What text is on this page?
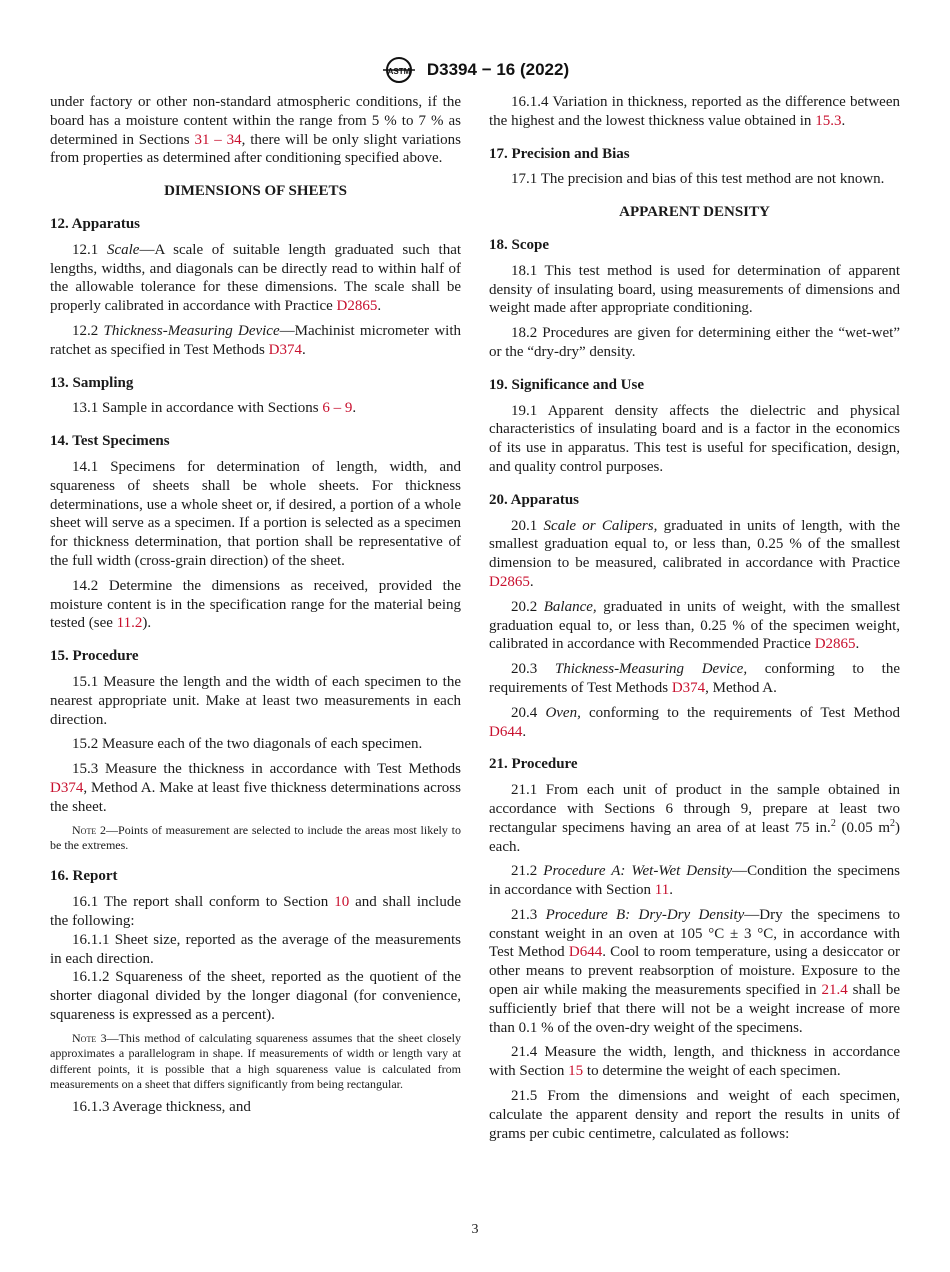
ASTM D3394 − 16 (2022)

under factory or other non-standard atmospheric conditions, if the board has a moisture content within the range from 5 % to 7 % as determined in Sections 31 – 34, there will be only slight variations from properties as determined after conditioning specified above.

DIMENSIONS OF SHEETS
12. Apparatus

12.1 Scale—A scale of suitable length graduated such that lengths, widths, and diagonals can be directly read to within half of the allowable tolerance for these dimensions. The scale shall be properly calibrated in accordance with Practice D2865.

12.2 Thickness-Measuring Device—Machinist micrometer with ratchet as specified in Test Methods D374.

13. Sampling

13.1 Sample in accordance with Sections 6 – 9.

14. Test Specimens

14.1 Specimens for determination of length, width, and squareness of sheets shall be whole sheets. For thickness determinations, use a whole sheet or, if desired, a portion of a whole sheet will serve as a specimen. If a portion is selected as a specimen for thickness determination, that portion shall be representative of the full width (cross-grain direction) of the sheet.

14.2 Determine the dimensions as received, provided the moisture content is in the specification range for the material being tested (see 11.2).

15. Procedure

15.1 Measure the length and the width of each specimen to the nearest appropriate unit. Make at least two measurements in each direction.

15.2 Measure each of the two diagonals of each specimen.

15.3 Measure the thickness in accordance with Test Methods D374, Method A. Make at least five thickness determinations across the sheet.

Note 2—Points of measurement are selected to include the areas most likely to be the extremes.
16. Report

16.1 The report shall conform to Section 10 and shall include the following:

16.1.1 Sheet size, reported as the average of the measurements in each direction.

16.1.2 Squareness of the sheet, reported as the quotient of the shorter diagonal divided by the longer diagonal (for convenience, squareness is expressed as a percent).

Note 3—This method of calculating squareness assumes that the sheet closely approximates a parallelogram in shape. If measurements of width or length vary at different points, it is possible that a high squareness value is calculated from measurements on a sheet that differs significantly from being rectangular.

16.1.3 Average thickness, and

16.1.4 Variation in thickness, reported as the difference between the highest and the lowest thickness value obtained in 15.3.

17. Precision and Bias

17.1 The precision and bias of this test method are not known.

APPARENT DENSITY
18. Scope

18.1 This test method is used for determination of apparent density of insulating board, using measurements of dimensions and weight made after appropriate conditioning.

18.2 Procedures are given for determining either the “wet-wet” or the “dry-dry” density.

19. Significance and Use

19.1 Apparent density affects the dielectric and physical characteristics of insulating board and is a factor in the economics of its use in apparatus. This test is useful for specification, design, and quality control purposes.

20. Apparatus

20.1 Scale or Calipers, graduated in units of length, with the smallest graduation equal to, or less than, 0.25 % of the smallest dimension to be measured, calibrated in accordance with Practice D2865.

20.2 Balance, graduated in units of weight, with the smallest graduation equal to, or less than, 0.25 % of the specimen weight, calibrated in accordance with Recommended Practice D2865.

20.3 Thickness-Measuring Device, conforming to the requirements of Test Methods D374, Method A.

20.4 Oven, conforming to the requirements of Test Method D644.

21. Procedure

21.1 From each unit of product in the sample obtained in accordance with Sections 6 through 9, prepare at least two rectangular specimens having an area of at least 75 in.$^2$ (0.05 $m^2$) each.

21.2 Procedure A: Wet-Wet Density—Condition the specimens in accordance with Section 11.

21.3 Procedure B: Dry-Dry Density—Dry the specimens to constant weight in an oven at 105 °C ± 3 °C, in accordance with Test Method D644. Cool to room temperature, using a desiccator or other means to prevent reabsorption of moisture. Exposure to the open air while making the measurements specified in 21.4 shall be sufficiently brief that there will not be a weight increase of more than 0.1 % of the oven-dry weight of the specimens.

21.4 Measure the width, length, and thickness in accordance with Section 15 to determine the weight of each specimen.

21.5 From the dimensions and weight of each specimen, calculate the apparent density and report the results in units of grams per cubic centimetre, calculated as follows:

3
